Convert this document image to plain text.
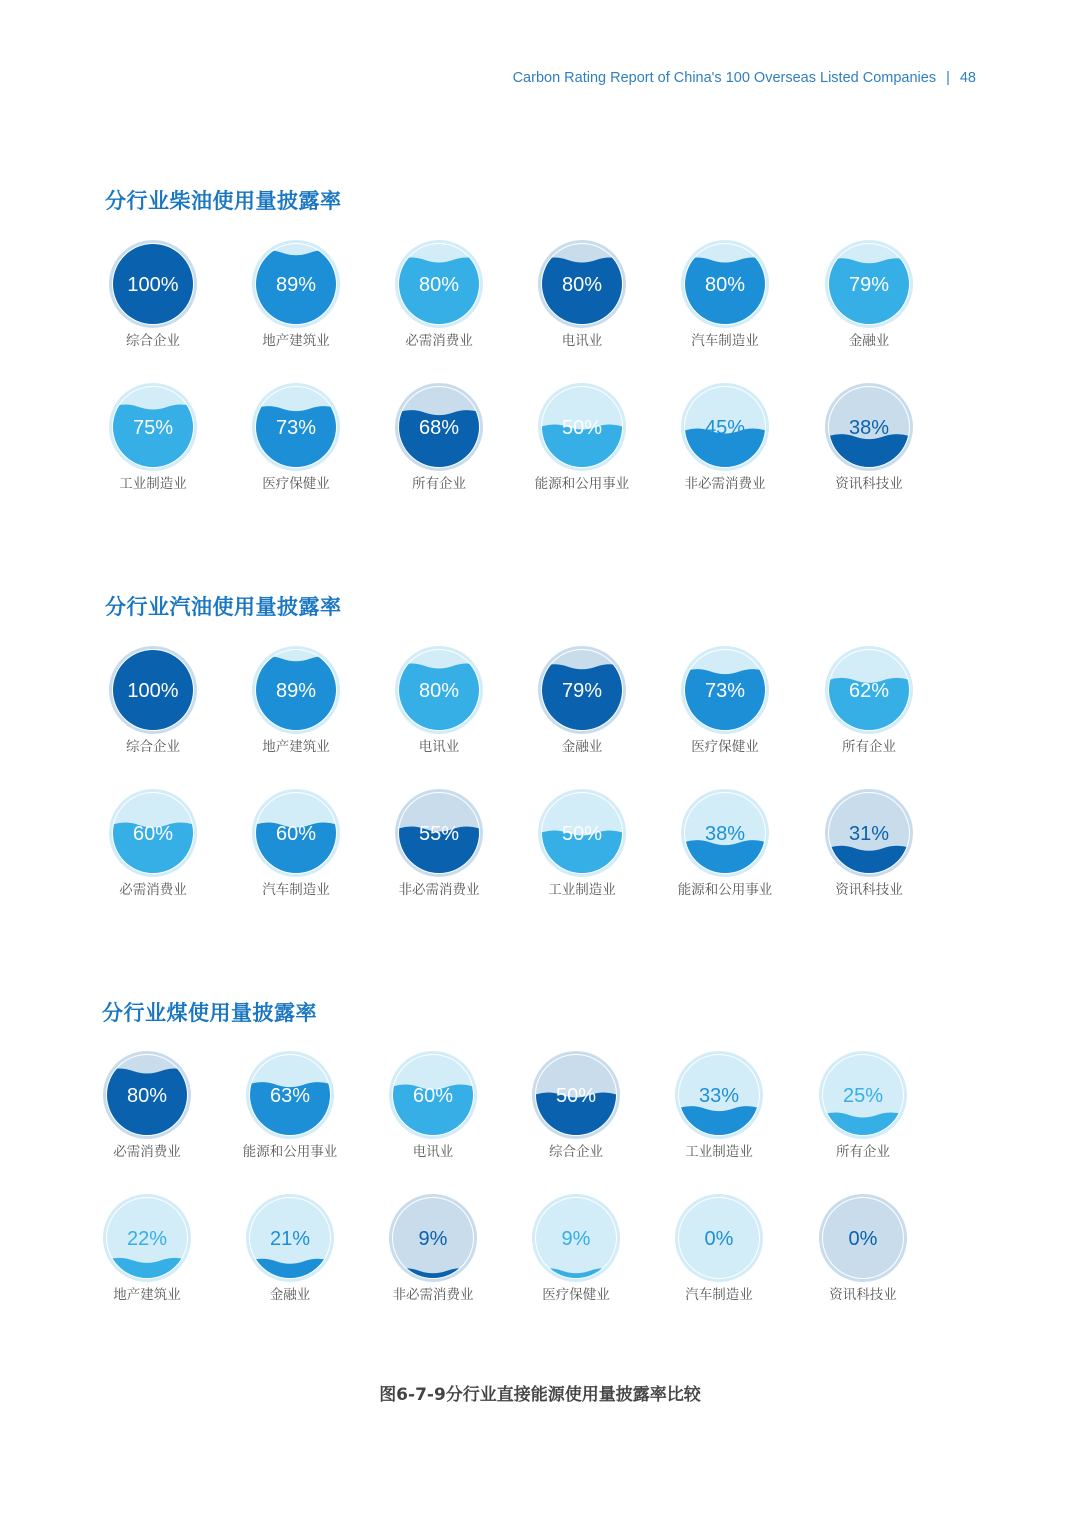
Carbon Rating Report of China's 100 Overseas Listed Companies | 48
分行业柴油使用量披露率
100%
综合企业
89%
地产建筑业
80%
必需消费业
80%
电讯业
80%
汽车制造业
79%
金融业
75%
工业制造业
73%
医疗保健业
68%
所有企业
50%
能源和公用事业
45%
非必需消费业
38%
资讯科技业
分行业汽油使用量披露率
100%
综合企业
89%
地产建筑业
80%
电讯业
79%
金融业
73%
医疗保健业
62%
所有企业
60%
必需消费业
60%
汽车制造业
55%
非必需消费业
50%
工业制造业
38%
能源和公用事业
31%
资讯科技业
分行业煤使用量披露率
80%
必需消费业
63%
能源和公用事业
60%
电讯业
50%
综合企业
33%
工业制造业
25%
所有企业
22%
地产建筑业
21%
金融业
9%
非必需消费业
9%
医疗保健业
0%
汽车制造业
0%
资讯科技业
图6-7-9分行业直接能源使用量披露率比较
